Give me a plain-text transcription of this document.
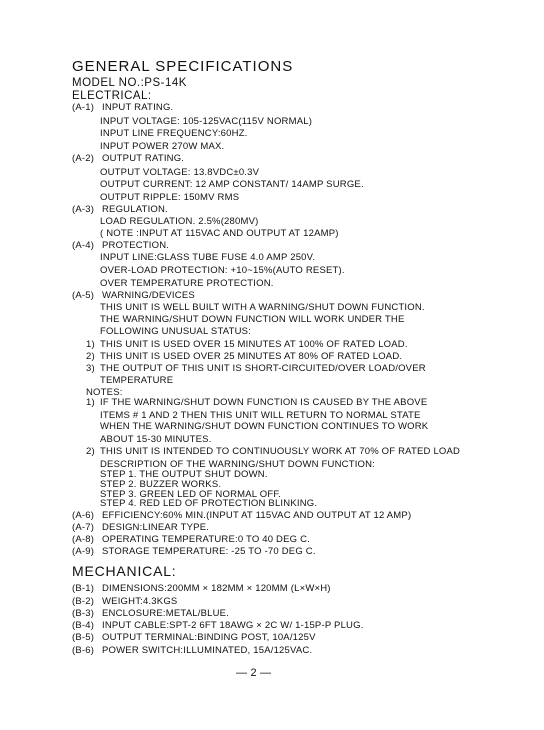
GENERAL SPECIFICATIONS
MODEL NO.:PS-14K
ELECTRICAL:
(A-1) INPUT RATING.
INPUT VOLTAGE: 105-125VAC(115V NORMAL)
INPUT LINE FREQUENCY:60HZ.
INPUT POWER 270W MAX.
(A-2) OUTPUT RATING.
OUTPUT VOLTAGE: 13.8VDC±0.3V
OUTPUT CURRENT: 12 AMP CONSTANT/ 14AMP SURGE.
OUTPUT RIPPLE: 150MV RMS
(A-3) REGULATION.
LOAD REGULATION. 2.5%(280MV)
( NOTE :INPUT AT 115VAC AND OUTPUT AT 12AMP)
(A-4) PROTECTION.
INPUT LINE:GLASS TUBE FUSE 4.0 AMP 250V.
OVER-LOAD PROTECTION: +10~15%(AUTO RESET).
OVER TEMPERATURE PROTECTION.
(A-5) WARNING/DEVICES
THIS UNIT IS WELL BUILT WITH A WARNING/SHUT DOWN FUNCTION.
THE WARNING/SHUT DOWN FUNCTION WILL WORK UNDER THE
FOLLOWING UNUSUAL STATUS:
1) THIS UNIT IS USED OVER 15 MINUTES AT 100% OF RATED LOAD.
2) THIS UNIT IS USED OVER 25 MINUTES AT 80% OF RATED LOAD.
3) THE OUTPUT OF THIS UNIT IS SHORT-CIRCUITED/OVER LOAD/OVER
TEMPERATURE
NOTES:
1) IF THE WARNING/SHUT DOWN FUNCTION IS CAUSED BY THE ABOVE
ITEMS # 1 AND 2 THEN THIS UNIT WILL RETURN TO NORMAL STATE
WHEN THE WARNING/SHUT DOWN FUNCTION CONTINUES TO WORK
ABOUT 15-30 MINUTES.
2) THIS UNIT IS INTENDED TO CONTINUOUSLY WORK AT 70% OF RATED LOAD
DESCRIPTION OF THE WARNING/SHUT DOWN FUNCTION:
STEP 1. THE OUTPUT SHUT DOWN.
STEP 2. BUZZER WORKS.
STEP 3. GREEN LED OF NORMAL OFF.
STEP 4. RED LED OF PROTECTION BLINKING.
(A-6) EFFICIENCY:60% MIN.(INPUT AT 115VAC AND OUTPUT AT 12 AMP)
(A-7) DESIGN:LINEAR TYPE.
(A-8) OPERATING TEMPERATURE:0 TO 40 DEG C.
(A-9) STORAGE TEMPERATURE: -25 TO -70 DEG C.
MECHANICAL:
(B-1) DIMENSIONS:200MM × 182MM × 120MM (L×W×H)
(B-2) WEIGHT:4.3KGS
(B-3) ENCLOSURE:METAL/BLUE.
(B-4) INPUT CABLE:SPT-2 6FT 18AWG × 2C W/ 1-15P-P PLUG.
(B-5) OUTPUT TERMINAL:BINDING POST, 10A/125V
(B-6) POWER SWITCH:ILLUMINATED, 15A/125VAC.
— 2 —
